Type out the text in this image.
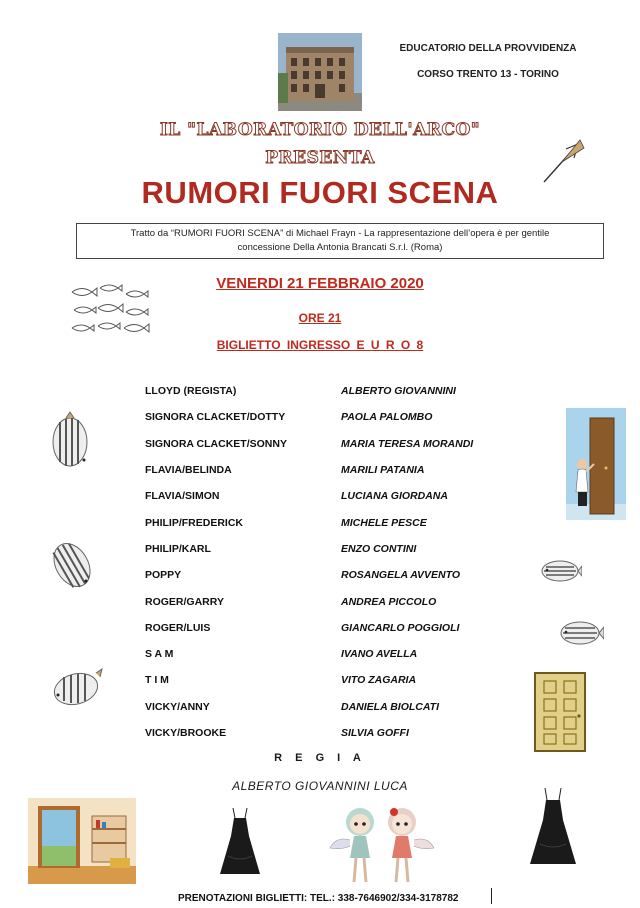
EDUCATORIO DELLA PROVVIDENZA
CORSO TRENTO 13 - TORINO
IL "LABORATORIO DELL'ARCO"
PRESENTA
RUMORI FUORI SCENA
Tratto da “RUMORI FUORI SCENA” di Michael Frayn - La rappresentazione dell’opera è per gentile
concessione Della Antonia Brancati S.r.l. (Roma)
VENERDI 21 FEBBRAIO 2020
ORE 21
BIGLIETTO INGRESSO E U R O 8
LLOYD (REGISTA)	ALBERTO GIOVANNINI
SIGNORA CLACKET/DOTTY	PAOLA PALOMBO
SIGNORA CLACKET/SONNY	MARIA TERESA MORANDI
FLAVIA/BELINDA	MARILI PATANIA
FLAVIA/SIMON	LUCIANA GIORDANA
PHILIP/FREDERICK	MICHELE PESCE
PHILIP/KARL	ENZO CONTINI
POPPY	ROSANGELA AVVENTO
ROGER/GARRY	ANDREA PICCOLO
ROGER/LUIS	GIANCARLO POGGIOLI
S A M	IVANO AVELLA
T I M	VITO ZAGARIA
VICKY/ANNY	DANIELA BIOLCATI
VICKY/BROOKE	SILVIA GOFFI
R E G I A
ALBERTO GIOVANNINI LUCA
PRENOTAZIONI BIGLIETTI: TEL.: 338-7646902/334-3178782
